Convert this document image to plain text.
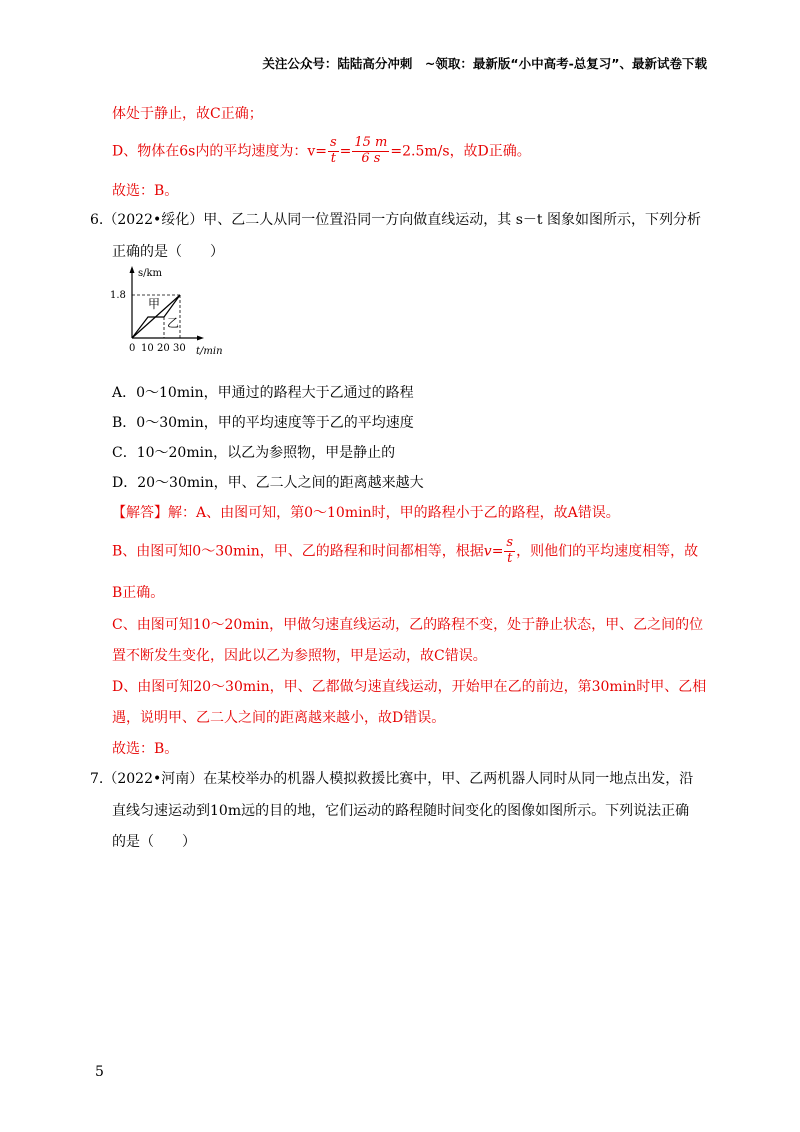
关注公众号：陆陆高分冲刺　~领取：最新版“小中高考-总复习”、最新试卷下载
体处于静止，故C正确；
D、物体在6s内的平均速度为：$v= \frac{s}{t} = \frac{15 m}{6 s} =2.5m/s$，故D正确。
故选：B。
6.（2022•绥化）甲、乙二人从同一位置沿同一方向做直线运动，其 s－t 图象如图所示，下列分析
正确的是（　　）
s/km
1.8
甲
乙
0 10 20 30 t/min
A．0～10min，甲通过的路程大于乙通过的路程
B．0～30min，甲的平均速度等于乙的平均速度
C．10～20min，以乙为参照物，甲是静止的
D．20～30min，甲、乙二人之间的距离越来越大
【解答】解：A、由图可知，第0～10min时，甲的路程小于乙的路程，故A错误。
B、由图可知0～30min，甲、乙的路程和时间都相等，根据$v= \frac{s}{t}$ ，则他们的平均速度相等，故
B正确。
C、由图可知10～20min，甲做匀速直线运动，乙的路程不变，处于静止状态，甲、乙之间的位
置不断发生变化，因此以乙为参照物，甲是运动，故C错误。
D、由图可知20～30min，甲、乙都做匀速直线运动，开始甲在乙的前边，第30min时甲、乙相
遇，说明甲、乙二人之间的距离越来越小，故D错误。
故选：B。
7.（2022•河南）在某校举办的机器人模拟救援比赛中，甲、乙两机器人同时从同一地点出发，沿
直线匀速运动到10m远的目的地，它们运动的路程随时间变化的图像如图所示。下列说法正确
的是（　　）
5
